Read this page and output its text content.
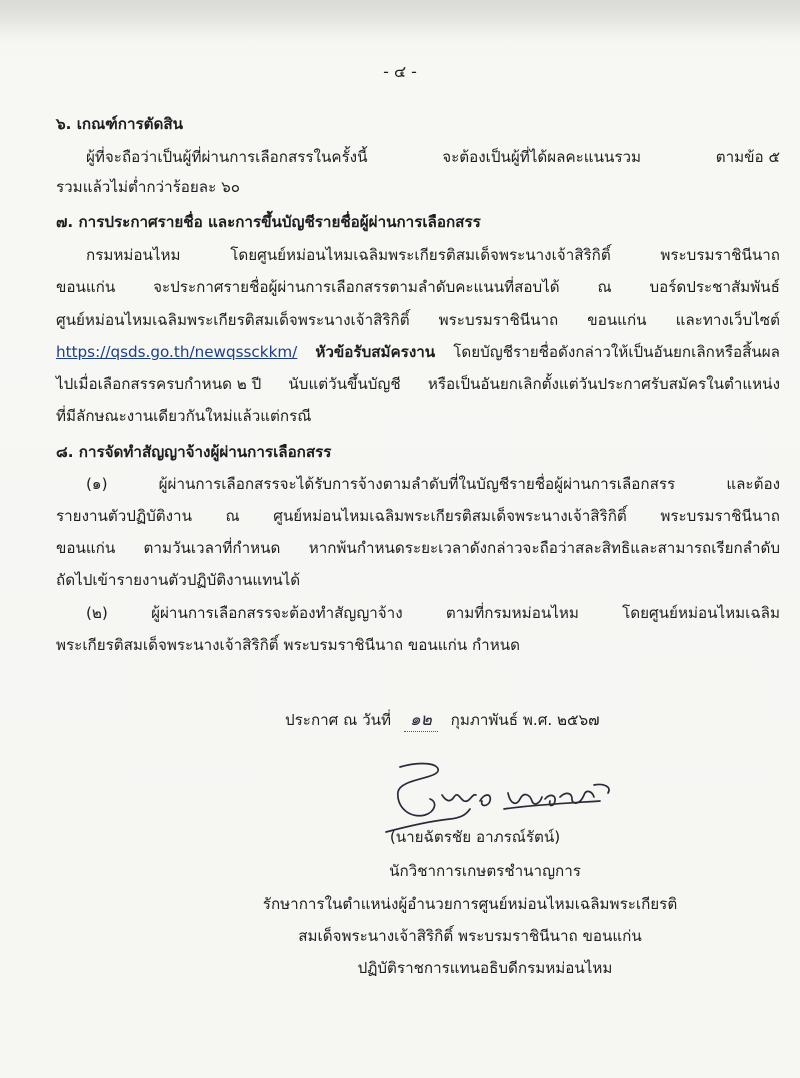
- ๔ -
๖. เกณฑ์การตัดสิน
ผู้ที่จะถือว่าเป็นผู้ที่ผ่านการเลือกสรรในครั้งนี้	จะต้องเป็นผู้ที่ได้ผลคะแนนรวม	ตามข้อ ๕
รวมแล้วไม่ต่ำกว่าร้อยละ ๖๐
๗. การประกาศรายชื่อ และการขึ้นบัญชีรายชื่อผู้ผ่านการเลือกสรร
กรมหม่อนไหม	โดยศูนย์หม่อนไหมเฉลิมพระเกียรติสมเด็จพระนางเจ้าสิริกิติ์	พระบรมราชินีนาถ
ขอนแก่น จะประกาศรายชื่อผู้ผ่านการเลือกสรรตามลำดับคะแนนที่สอบได้ ณ บอร์ดประชาสัมพันธ์
ศูนย์หม่อนไหมเฉลิมพระเกียรติสมเด็จพระนางเจ้าสิริกิติ์ พระบรมราชินีนาถ ขอนแก่น และทางเว็บไซต์
https://qsds.go.th/newqssckkm/ หัวข้อรับสมัครงาน โดยบัญชีรายชื่อดังกล่าวให้เป็นอันยกเลิกหรือสิ้นผล
ไปเมื่อเลือกสรรครบกำหนด ๒ ปี นับแต่วันขึ้นบัญชี หรือเป็นอันยกเลิกตั้งแต่วันประกาศรับสมัครในตำแหน่ง
ที่มีลักษณะงานเดียวกันใหม่แล้วแต่กรณี
๘. การจัดทำสัญญาจ้างผู้ผ่านการเลือกสรร
(๑)	ผู้ผ่านการเลือกสรรจะได้รับการจ้างตามลำดับที่ในบัญชีรายชื่อผู้ผ่านการเลือกสรร	และต้อง
รายงานตัวปฏิบัติงาน ณ ศูนย์หม่อนไหมเฉลิมพระเกียรติสมเด็จพระนางเจ้าสิริกิติ์ พระบรมราชินีนาถ
ขอนแก่น ตามวันเวลาที่กำหนด หากพ้นกำหนดระยะเวลาดังกล่าวจะถือว่าสละสิทธิและสามารถเรียกลำดับ
ถัดไปเข้ารายงานตัวปฏิบัติงานแทนได้
(๒)	ผู้ผ่านการเลือกสรรจะต้องทำสัญญาจ้าง	ตามที่กรมหม่อนไหม	โดยศูนย์หม่อนไหมเฉลิม
พระเกียรติสมเด็จพระนางเจ้าสิริกิติ์ พระบรมราชินีนาถ ขอนแก่น กำหนด
ประกาศ ณ วันที่ ๑๒ กุมภาพันธ์ พ.ศ. ๒๕๖๗
(นายฉัตรชัย อาภรณ์รัตน์)
นักวิชาการเกษตรชำนาญการ
รักษาการในตำแหน่งผู้อำนวยการศูนย์หม่อนไหมเฉลิมพระเกียรติ
สมเด็จพระนางเจ้าสิริกิติ์ พระบรมราชินีนาถ ขอนแก่น
ปฏิบัติราชการแทนอธิบดีกรมหม่อนไหม
